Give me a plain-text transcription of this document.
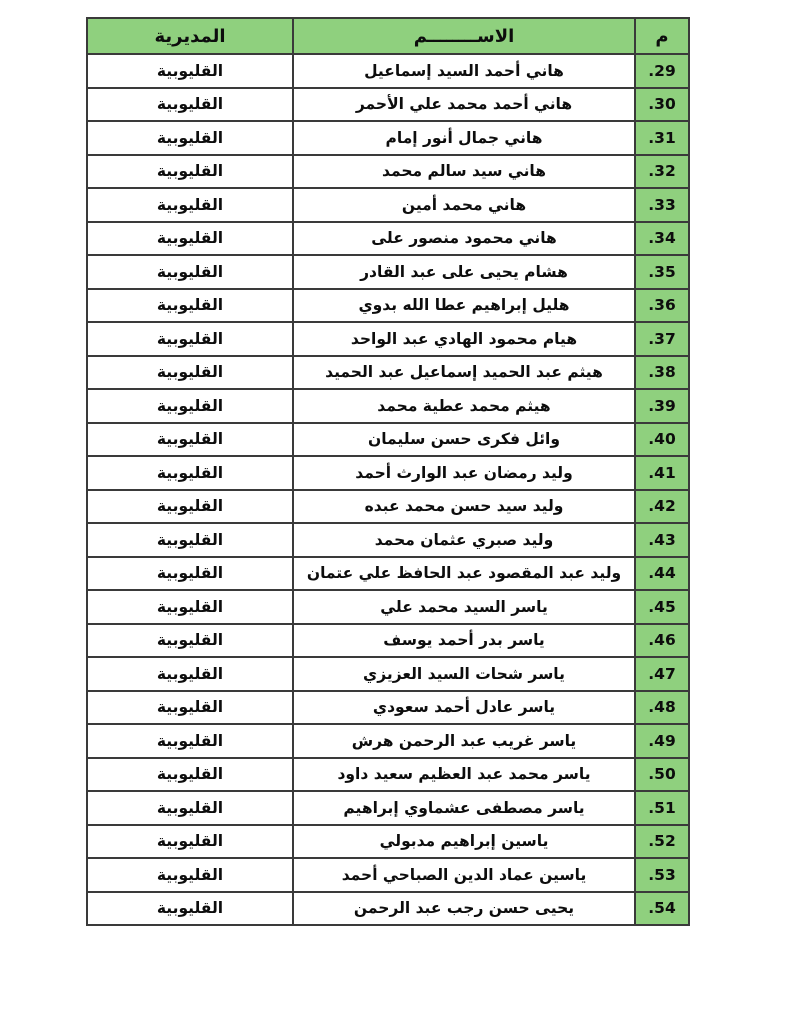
م	الاســــــــم	المديرية
29.	هاني أحمد السيد إسماعيل	القليوبية
30.	هاني أحمد محمد علي الأحمر	القليوبية
31.	هاني جمال أنور إمام	القليوبية
32.	هاني سيد سالم محمد	القليوبية
33.	هاني محمد أمين	القليوبية
34.	هاني محمود منصور على	القليوبية
35.	هشام يحيى على عبد القادر	القليوبية
36.	هليل إبراهيم عطا الله بدوي	القليوبية
37.	هيام محمود الهادي عبد الواحد	القليوبية
38.	هيثم عبد الحميد إسماعيل عبد الحميد	القليوبية
39.	هيثم محمد عطية محمد	القليوبية
40.	وائل فكرى حسن سليمان	القليوبية
41.	وليد رمضان عبد الوارث أحمد	القليوبية
42.	وليد سيد حسن محمد عبده	القليوبية
43.	وليد صبري عثمان محمد	القليوبية
44.	وليد عبد المقصود عبد الحافظ علي عتمان	القليوبية
45.	ياسر السيد محمد علي	القليوبية
46.	ياسر بدر أحمد يوسف	القليوبية
47.	ياسر شحات السيد العزيزي	القليوبية
48.	ياسر عادل أحمد سعودي	القليوبية
49.	ياسر غريب عبد الرحمن هرش	القليوبية
50.	ياسر محمد عبد العظيم سعيد داود	القليوبية
51.	ياسر مصطفى عشماوي إبراهيم	القليوبية
52.	ياسين إبراهيم مدبولي	القليوبية
53.	ياسين عماد الدين الصباحي أحمد	القليوبية
54.	يحيى حسن رجب عبد الرحمن	القليوبية
